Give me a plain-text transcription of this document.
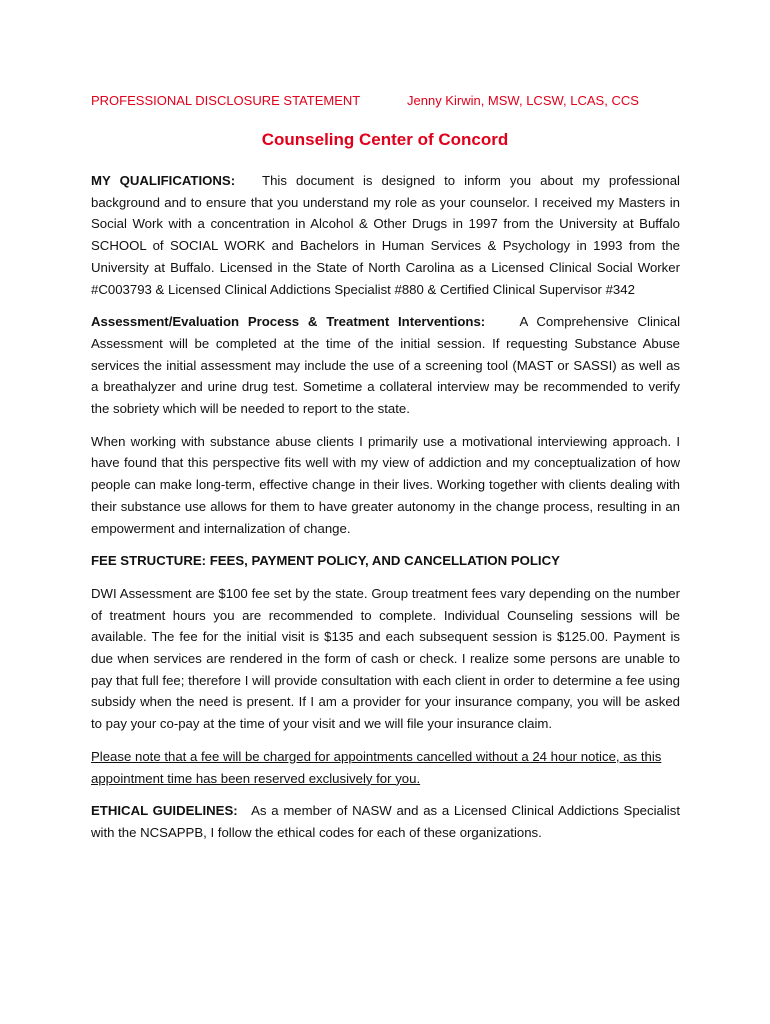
PROFESSIONAL DISCLOSURE STATEMENT	Jenny Kirwin, MSW, LCSW, LCAS, CCS
Counseling Center of Concord

MY QUALIFICATIONS: This document is designed to inform you about my professional background and to ensure that you understand my role as your counselor. I received my Masters in Social Work with a concentration in Alcohol & Other Drugs in 1997 from the University at Buffalo SCHOOL of SOCIAL WORK and Bachelors in Human Services & Psychology in 1993 from the University at Buffalo. Licensed in the State of North Carolina as a Licensed Clinical Social Worker #C003793 & Licensed Clinical Addictions Specialist #880 & Certified Clinical Supervisor #342

Assessment/Evaluation Process & Treatment Interventions:	A Comprehensive Clinical Assessment will be completed at the time of the initial session. If requesting Substance Abuse services the initial assessment may include the use of a screening tool (MAST or SASSI) as well as a breathalyzer and urine drug test. Sometime a collateral interview may be recommended to verify the sobriety which will be needed to report to the state.

When working with substance abuse clients I primarily use a motivational interviewing approach. I have found that this perspective fits well with my view of addiction and my conceptualization of how people can make long-term, effective change in their lives. Working together with clients dealing with their substance use allows for them to have greater autonomy in the change process, resulting in an empowerment and internalization of change.

FEE STRUCTURE: FEES, PAYMENT POLICY, AND CANCELLATION POLICY

DWI Assessment are $100 fee set by the state. Group treatment fees vary depending on the number of treatment hours you are recommended to complete. Individual Counseling sessions will be available. The fee for the initial visit is $135 and each subsequent session is $125.00. Payment is due when services are rendered in the form of cash or check. I realize some persons are unable to pay that full fee; therefore I will provide consultation with each client in order to determine a fee using subsidy when the need is present. If I am a provider for your insurance company, you will be asked to pay your co-pay at the time of your visit and we will file your insurance claim.

Please note that a fee will be charged for appointments cancelled without a 24 hour notice, as this appointment time has been reserved exclusively for you.

ETHICAL GUIDELINES: As a member of NASW and as a Licensed Clinical Addictions Specialist with the NCSAPPB, I follow the ethical codes for each of these organizations.
